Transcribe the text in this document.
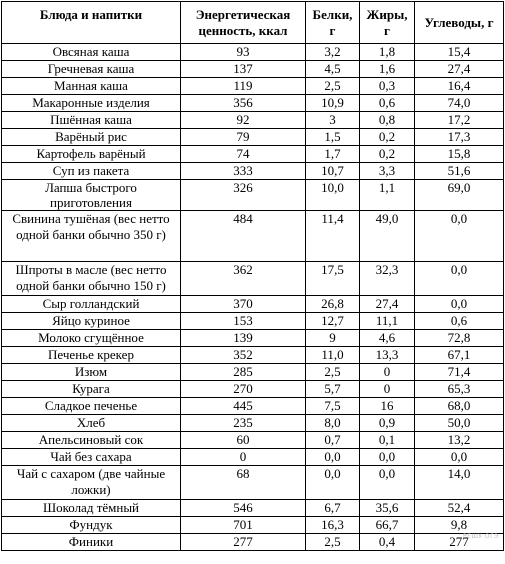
Блюда и напитки	Энергетическая ценность, ккал	Белки, г	Жиры, г	Углеводы, г
Овсяная каша	93	3,2	1,8	15,4
Гречневая каша	137	4,5	1,6	27,4
Манная каша	119	2,5	0,3	16,4
Макаронные изделия	356	10,9	0,6	74,0
Пшённая каша	92	3	0,8	17,2
Варёный рис	79	1,5	0,2	17,3
Картофель варёный	74	1,7	0,2	15,8
Суп из пакета	333	10,7	3,3	51,6
Лапша быстрого приготовления	326	10,0	1,1	69,0
Свинина тушёная (вес нетто одной банки обычно 350 г)	484	11,4	49,0	0,0
Шпроты в масле (вес нетто одной банки обычно 150 г)	362	17,5	32,3	0,0
Сыр голландский	370	26,8	27,4	0,0
Яйцо куриное	153	12,7	11,1	0,6
Молоко сгущённое	139	9	4,6	72,8
Печенье крекер	352	11,0	13,3	67,1
Изюм	285	2,5	0	71,4
Курага	270	5,7	0	65,3
Сладкое печенье	445	7,5	16	68,0
Хлеб	235	8,0	0,9	50,0
Апельсиновый сок	60	0,7	0,1	13,2
Чай без сахара	0	0,0	0,0	0,0
Чай с сахаром (две чайные ложки)	68	0,0	0,0	14,0
Шоколад тёмный	546	6,7	35,6	52,4
Фундук	701	16,3	66,7	9,8
Финики	277	2,5	0,4	277
РЕШУ ОГЭ
